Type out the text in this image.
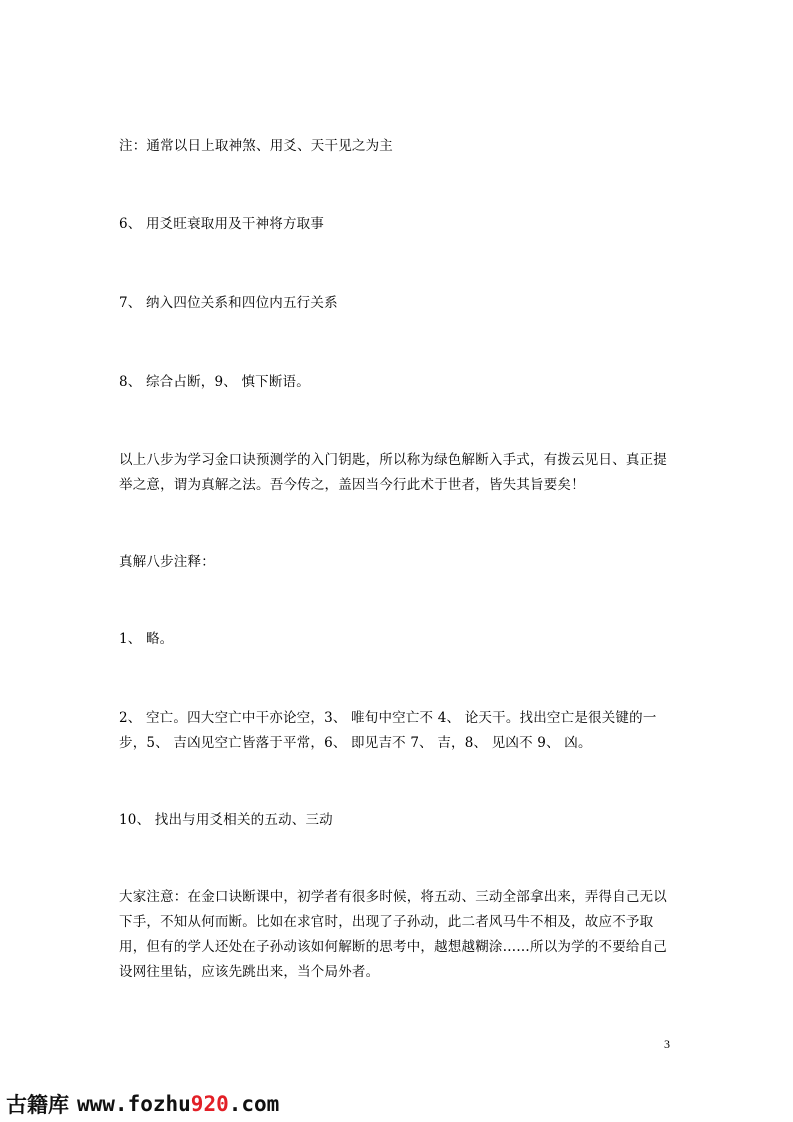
注：通常以日上取神煞、用爻、天干见之为主

6、 用爻旺衰取用及干神将方取事

7、 纳入四位关系和四位内五行关系

8、 综合占断，9、 慎下断语。

以上八步为学习金口诀预测学的入门钥匙，所以称为绿色解断入手式，有拨云见日、真正提举之意，谓为真解之法。吾今传之，盖因当今行此术于世者，皆失其旨要矣！

真解八步注释：

1、 略。

2、 空亡。四大空亡中干亦论空，3、 唯旬中空亡不 4、 论天干。找出空亡是很关键的一步，5、 吉凶见空亡皆落于平常，6、 即见吉不 7、 吉，8、 见凶不 9、 凶。

10、 找出与用爻相关的五动、三动

大家注意：在金口诀断课中，初学者有很多时候，将五动、三动全部拿出来，弄得自己无以下手，不知从何而断。比如在求官时，出现了子孙动，此二者风马牛不相及，故应不予取用，但有的学人还处在子孙动该如何解断的思考中，越想越糊涂……所以为学的不要给自己设网往里钻，应该先跳出来，当个局外者。

3
古籍库 www.fozhu920.com
